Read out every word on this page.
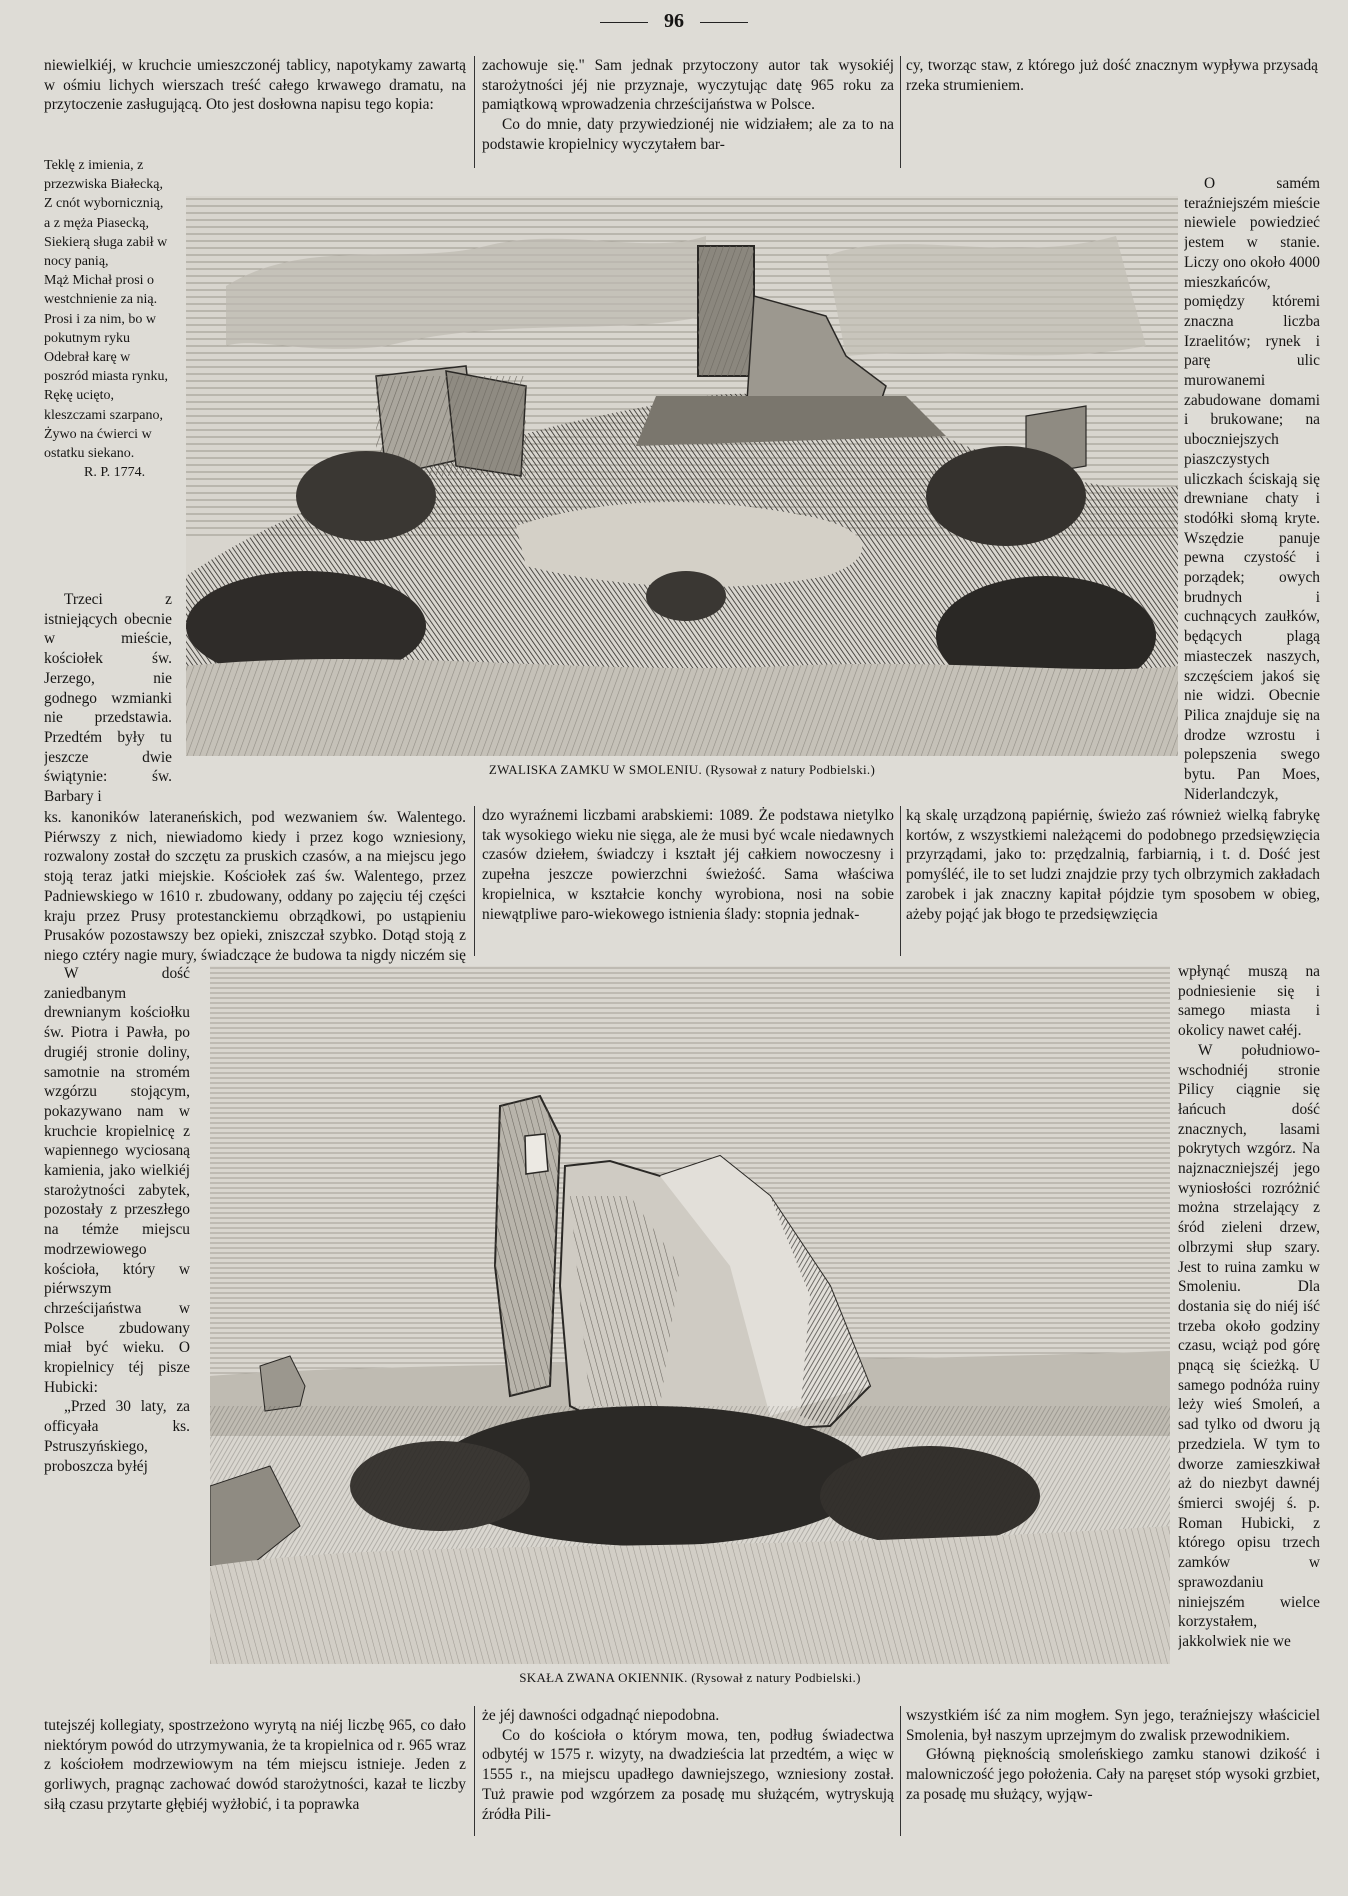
96

niewielkiéj, w kruchcie umieszczonéj tablicy, napotykamy zawartą w ośmiu lichych wierszach treść całego krwawego dramatu, na przytoczenie zasługującą. Oto jest dosłowna napisu tego kopia:

Teklę z imienia, z przezwiska Białecką,
Z cnót wybornicznią, a z męża Piasecką,
Siekierą sługa zabił w nocy panią,
Mąż Michał prosi o westchnienie za nią.
Prosi i za nim, bo w pokutnym ryku
Odebrał karę w poszród miasta rynku,
Rękę ucięto, kleszczami szarpano,
Żywo na ćwierci w ostatku siekano.
R. P. 1774.

Trzeci z istniejących obecnie w mieście, kościołek św. Jerzego, nie godnego wzmianki nie przedstawia. Przedtém były tu jeszcze dwie świątynie: św. Barbary i

ks. kanoników lateraneńskich, pod wezwaniem św. Walentego. Piérwszy z nich, niewiadomo kiedy i przez kogo wzniesiony, rozwalony został do szczętu za pruskich czasów, a na miejscu jego stoją teraz jatki miejskie. Kościołek zaś św. Walentego, przez Padniewskiego w 1610 r. zbudowany, oddany po zajęciu téj części kraju przez Prusy protestanckiemu obrządkowi, po ustąpieniu Prusaków pozostawszy bez opieki, zniszczał szybko. Dotąd stoją z niego cztéry nagie mury, świadczące że budowa ta nigdy niczém się

W dość zaniedbanym drewnianym kościołku św. Piotra i Pawła, po drugiéj stronie doliny, samotnie na stromém wzgórzu stojącym, pokazywano nam w kruchcie kropielnicę z wapiennego wyciosaną kamienia, jako wielkiéj starożytności zabytek, pozostały z przeszłego na témże miejscu modrzewiowego kościoła, który w piérwszym chrześcijaństwa w Polsce zbudowany miał być wieku. O kropielnicy téj pisze Hubicki:

„Przed 30 laty, za officyała ks. Pstruszyńskiego, proboszcza byłéj

tutejszéj kollegiaty, spostrzeżono wyrytą na niéj liczbę 965, co dało niektórym powód do utrzymywania, że ta kropielnica od r. 965 wraz z kościołem modrzewiowym na tém miejscu istnieje. Jeden z gorliwych, pragnąc zachować dowód starożytności, kazał te liczby siłą czasu przytarte głębiéj wyżłobić, i ta poprawka

zachowuje się." Sam jednak przytoczony autor tak wysokiéj starożytności jéj nie przyznaje, wyczytując datę 965 roku za pamiątkową wprowadzenia chrześcijaństwa w Polsce.

Co do mnie, daty przywiedzionéj nie widziałem; ale za to na podstawie kropielnicy wyczytałem bar-

dzo wyraźnemi liczbami arabskiemi: 1089. Że podstawa nietylko tak wysokiego wieku nie sięga, ale że musi być wcale niedawnych czasów dziełem, świadczy i kształt jéj całkiem nowoczesny i zupełna jeszcze powierzchni świeżość. Sama właściwa kropielnica, w kształcie konchy wyrobiona, nosi na sobie niewątpliwe paro-wiekowego istnienia ślady: stopnia jednak-

że jéj dawności odgadnąć niepodobna.

Co do kościoła o którym mowa, ten, podług świadectwa odbytéj w 1575 r. wizyty, na dwadzieścia lat przedtém, a więc w 1555 r., na miejscu upadłego dawniejszego, wzniesiony został. Tuż prawie pod wzgórzem za posadę mu służącém, wytryskują źródła Pili-

cy, tworząc staw, z którego już dość znacznym wypływa przysadą rzeka strumieniem.

O samém teraźniejszém mieście niewiele powiedzieć jestem w stanie. Liczy ono około 4000 mieszkańców, pomiędzy któremi znaczna liczba Izraelitów; rynek i parę ulic murowanemi zabudowane domami i brukowane; na uboczniejszych piaszczystych uliczkach ściskają się drewniane chaty i stodółki słomą kryte. Wszędzie panuje pewna czystość i porządek; owych brudnych i cuchnących zaułków, będących plagą miasteczek naszych, szczęściem jakoś się nie widzi. Obecnie Pilica znajduje się na drodze wzrostu i polepszenia swego bytu. Pan Moes, Niderlandczyk,

ką skalę urządzoną papiérnię, świeżo zaś również wielką fabrykę kortów, z wszystkiemi należącemi do podobnego przedsięwzięcia przyrządami, jako to: przędzalnią, farbiarnią, i t. d. Dość jest pomyśléć, ile to set ludzi znajdzie przy tych olbrzymich zakładach zarobek i jak znaczny kapitał pójdzie tym sposobem w obieg, ażeby pojąć jak błogo te przedsięwzięcia

wpłynąć muszą na podniesienie się i samego miasta i okolicy nawet całéj.

W południowo-wschodniéj stronie Pilicy ciągnie się łańcuch dość znacznych, lasami pokrytych wzgórz. Na najznaczniejszéj jego wyniosłości rozróżnić można strzelający z śród zieleni drzew, olbrzymi słup szary. Jest to ruina zamku w Smoleniu. Dla dostania się do niéj iść trzeba około godziny czasu, wciąż pod górę pnącą się ścieżką. U samego podnóża ruiny leży wieś Smoleń, a sad tylko od dworu ją przedziela. W tym to dworze zamieszkiwał aż do niezbyt dawnéj śmierci swojéj ś. p. Roman Hubicki, z którego opisu trzech zamków w sprawozdaniu niniejszém wielce korzystałem, jakkolwiek nie we

wszystkiém iść za nim mogłem. Syn jego, teraźniejszy właściciel Smolenia, był naszym uprzejmym do zwalisk przewodnikiem.

Główną pięknością smoleńskiego zamku stanowi dzikość i malowniczość jego położenia. Cały na paręset stóp wysoki grzbiet, za posadę mu służący, wyjąw-

ZWALISKA ZAMKU W SMOLENIU. (Rysował z natury Podbielski.)
SKAŁA ZWANA OKIENNIK. (Rysował z natury Podbielski.)
